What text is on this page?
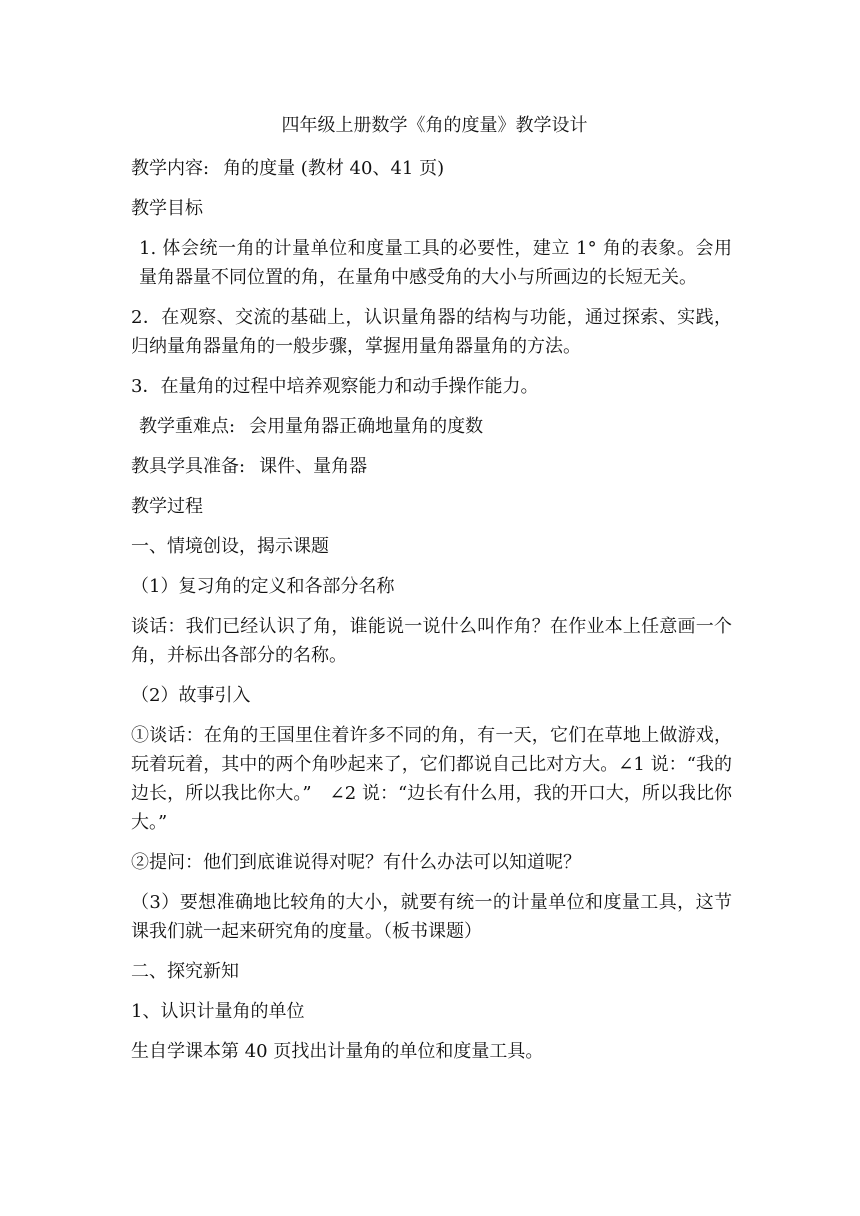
四年级上册数学《角的度量》教学设计
教学内容: 角的度量 (教材 40、41 页)
教学目标
1. 体会统一角的计量单位和度量工具的必要性，建立 1° 角的表象。会用量角器量不同位置的角，在量角中感受角的大小与所画边的长短无关。
2．在观察、交流的基础上，认识量角器的结构与功能，通过探索、实践，归纳量角器量角的一般步骤，掌握用量角器量角的方法。
3．在量角的过程中培养观察能力和动手操作能力。
教学重难点: 会用量角器正确地量角的度数
教具学具准备: 课件、量角器
教学过程
一、情境创设，揭示课题
（1）复习角的定义和各部分名称
谈话：我们已经认识了角，谁能说一说什么叫作角？在作业本上任意画一个角，并标出各部分的名称。
（2）故事引入
①谈话：在角的王国里住着许多不同的角，有一天，它们在草地上做游戏，玩着玩着，其中的两个角吵起来了，它们都说自己比对方大。∠1 说：“我的边长，所以我比你大。”　∠2 说：“边长有什么用，我的开口大，所以我比你大。”
②提问：他们到底谁说得对呢？有什么办法可以知道呢？
（3）要想准确地比较角的大小，就要有统一的计量单位和度量工具，这节课我们就一起来研究角的度量。（板书课题）
二、探究新知
1、认识计量角的单位
生自学课本第 40 页找出计量角的单位和度量工具。
